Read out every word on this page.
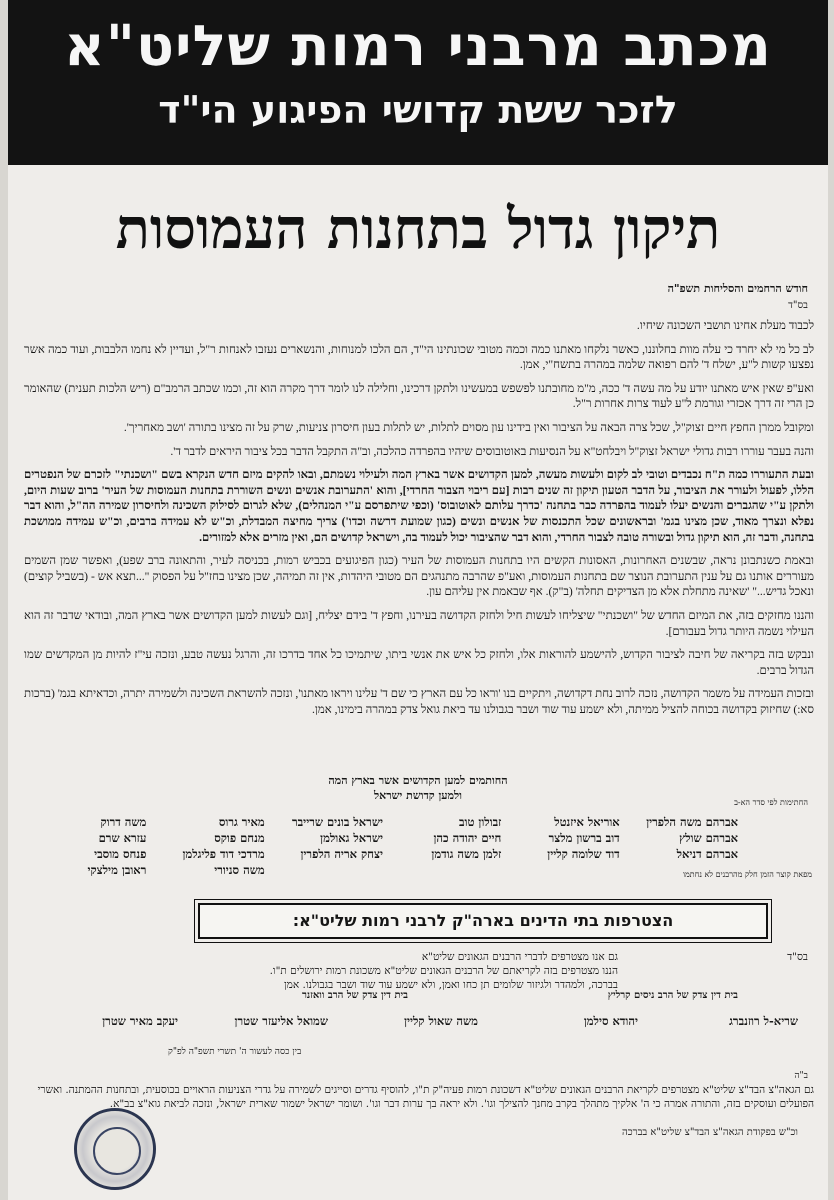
מכתב מרבני רמות שליט"א
לזכר ששת קדושי הפיגוע הי"ד
תיקון גדול בתחנות העמוסות
חודש הרחמים והסליחות תשפ"ה
בס"ד

לכבוד מעלת אחינו תושבי השכונה שיחיו.

לב כל מי לא יחרד כי עלה מוות בחלוננו, כאשר נלקחו מאתנו כמה וכמה מטובי שכונתינו הי"ד, הם הלכו למנוחות, והנשארים נעזבו לאנחות ר"ל, ועדיין לא נחמו הלבבות, ועוד כמה אשר נפצעו קשות ל"ע, ישלח ד' להם רפואה שלמה במהרה בתשח"י, אמן.

ואע"פ שאין איש מאתנו יודע על מה עשה ד' ככה, מ"מ מחובתנו לפשפש במעשינו ולתקן דרכינו, וחלילה לנו לומר דרך מקרה הוא זה, וכמו שכתב הרמב"ם (ריש הלכות תענית) שהאומר כן הרי זה דרך אכזרי וגורמת ל"ע לעוד צרות אחרות ר"ל.

ומקובל ממרן החפץ חיים זצוק"ל, שכל צרה הבאה על הציבור ואין בידינו עון מסוים לתלות, יש לתלות בעון חיסרון צניעות, שרק על זה מצינו בתורה 'ושב מאחריך'.

והנה בעבר עוררו רבות גדולי ישראל זצוק"ל ויבלחט"א על הנסיעות באוטובוסים שיהיו בהפרדה כהלכה, וב"ה התקבל הדבר בכל ציבור היראים לדבר ד'.

ובעת התעוררו כמה ת"ח נכבדים וטובי לב לקום ולעשות מעשה, למען הקדושים אשר בארץ המה ולעילוי נשמתם, ובאו להקים מיזם חדש הנקרא בשם "ושכנתי" לזכרם של הנפטרים הללו, לפעול ולעורר את הציבור, על הדבר הטעון תיקון זה שנים רבות [עם ריבוי הצבור החרדי], והוא 'התערובת אנשים ונשים השוררת בתחנות העמוסות של העיר' ברוב שעות היום, ולתקן ע"י שהגברים והנשים יעלו לעמוד בהפרדה כבר בתחנה 'כדרך עלותם לאוטובוס' (וכפי שיתפרסם ע"י המנהלים), שלא לגרום לסילוק השכינה ולחיסרון שמירה הה"ל, והוא דבר נפלא ונצרך מאוד, שכן מצינו בגמ' ובראשונים שכל התכנסות של אנשים ונשים (כגון שמועת דרשה וכדו') צריך מחיצה המבדלת, וכ"ש לא עמידה ברבים, וכ"ש עמידה ממושכת בתחנה, ודבר זה, הוא תיקון גדול ובשורה טובה לצבור החרדי, והוא דבר שהציבור יכול לעמוד בה, וישראל קדושים הם, ואין מזרים אלא למזורים.

ובאמת כשנתבונן נראה, שבשנים האחרונות, האסונות הקשים היו בתחנות העמוסות של העיר (כגון הפיגועים בכביש רמות, בכניסה לעיר, והתאונה ברב שפע), ואפשר שמן השמים מעוררים אותנו גם על ענין התערובת הנוצר שם בתחנות העמוסות, ואע"פ שהרבה מתנהגים הם מטובי היהדות, אין זה תמיהה, שכן מצינו בחז"ל על הפסוק "...תצא אש - (בשביל קוצים) ונאכל גדיש..." 'שאינה מתחלת אלא מן הצדיקים תחלה' (ב"ק). אף שבאמת אין עליהם עון.

והננו מחזקים בזה, את המיזם החדש של "ושכנתי" שיצליחו לעשות חיל ולחזק הקדושה בעירנו, וחפץ ד' בידם יצליח, [וגם לעשות למען הקדושים אשר בארץ המה, ובודאי שדבר זה הוא העילוי נשמה היותר גדול בעבורם].

ונבקש בזה בקריאה של חיבה לציבור הקדוש, להישמע להוראות אלו, ולחזק כל איש את אנשי ביתו, שיתמיכו כל אחד בדרכו זה, והרגל נעשה טבע, ונזכה עי"ז להיות מן המקדשים שמו הגדול ברבים.

ובזכות העמידה על משמר הקדושה, נזכה לרוב נחת דקדושה, ויתקיים בנו 'וראו כל עם הארץ כי שם ד' עלינו ויראו מאתנו', ונזכה להשראת השכינה ולשמירה יתרה, וכדאיתא בגמ' (ברכות סא:) שחיזוק בקדושה בכוחה להציל ממיתה, ולא ישמע עוד שוד ושבר בגבולנו עד ביאת גואל צדק במהרה בימינו, אמן.

החותמים למען הקדושים אשר בארץ המה
ולמען קדושת ישראל
החתימות לפי סדר הא-ב
אברהם משה הלפרין
אוריאל איזנטל
זבולון טוב
ישראל בונים שרייבר
מאיר גרוס
משה דרוק
אברהם שולץ
דוב ברשון מלצר
חיים יהודה כהן
ישראל גאולמן
מנחם פוקס
עזרא שרם
אברהם דניאל
דוד שלומה קליין
זלמן משה גודמן
יצחק אריה הלפרין
מרדכי דוד פליגלמן
פנחס מוסבי
משה סניורי
ראובן מילצקי	מפאת קוצר הזמן חלק מהרבנים לא נחתמו
הצטרפות בתי הדינים בארה"ק לרבני רמות שליט"א:
בס"ד
גם אנו מצטרפים לדברי הרבנים הגאונים שליט"א
הננו מצטרפים בזה לקריאתם של הרבנים הגאונים שליט"א משכונת רמות ירושלים ת"ו.
בברכה, ולמהדר ולגיזור שלומים תן כחו ואמן, ולא ישמע עוד שוד ושבר בגבולנו. אמן
בית דין צדק של הרב ניסים קרליץ
בית דין צדק של הרב וואזנר
שריא-ל רוזנברג
יהודא סילמן
משה שאול קליין
שמואל אליעזר שטרן
יעקב מאיר שטרן
בין כסה לעשור ה' תשרי תשפ"ה לפ"ק
ב"ה
גם הגאה"צ הבד"צ שליט"א מצטרפים לקריאת הרבנים הגאונים שליט"א דשכונת רמות פעיה"ק ת"ו, להוסיף גדרים וסייגים לשמירה על גדרי הצניעות הראויים בכוסעית, ובתחנות ההמתנה. ואשרי הפועלים ועוסקים בזה, והתורה אמרה כי ה' אלקיך מתהלך בקרב מחנך להצילך וגו'. ולא יראה בך ערות דבר וגו'. ושומר ישראל ישמור שארית ישראל, ונזכה לביאת גוא"צ בב"א.
וכ"ש בפקודת הגאה"צ הבד"צ שליט"א בברכה
